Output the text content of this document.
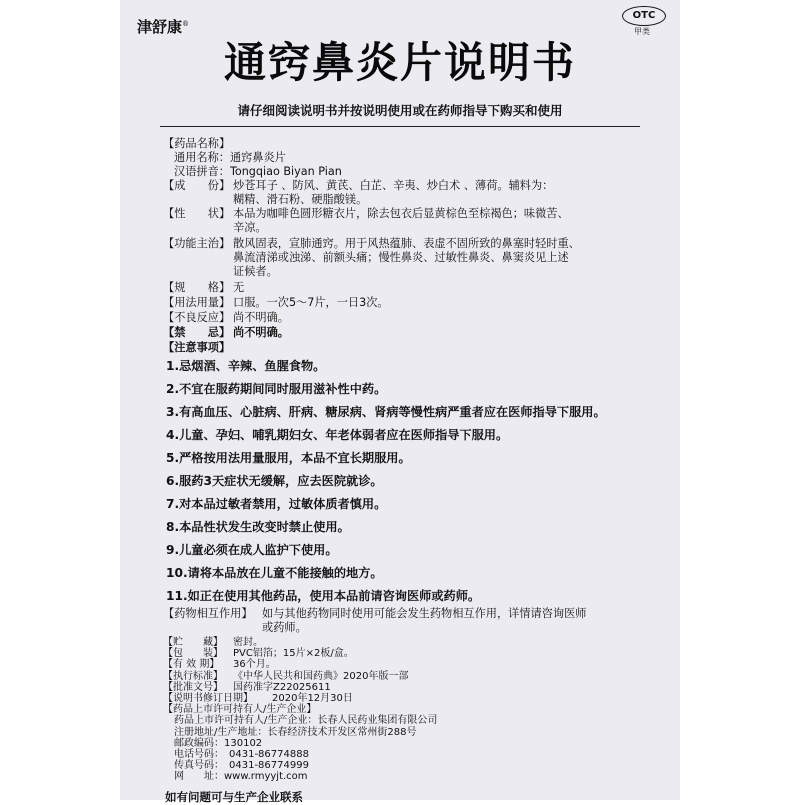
津舒康®
OTC
甲类
通窍鼻炎片说明书
请仔细阅读说明书并按说明使用或在药师指导下购买和使用
【药品名称】
通用名称：通窍鼻炎片
汉语拼音：Tongqiao Biyan Pian
【成　　份】 炒苍耳子 、防风、黄芪、白芷、辛夷、炒白术 、薄荷。辅料为：
糊精、滑石粉、硬脂酸镁。
【性　　状】 本品为咖啡色圆形糖衣片，除去包衣后显黄棕色至棕褐色；味微苦、
辛凉。
【功能主治】 散风固表，宣肺通窍。用于风热蕴肺、表虚不固所致的鼻塞时轻时重、
鼻流清涕或浊涕、前额头痛；慢性鼻炎、过敏性鼻炎、鼻窦炎见上述
证候者。
【规　　格】 无
【用法用量】 口服。一次5～7片，一日3次。
【不良反应】 尚不明确。
【禁　　忌】 尚不明确。
【注意事项】
1.忌烟酒、辛辣、鱼腥食物。
2.不宜在服药期间同时服用滋补性中药。
3.有高血压、心脏病、肝病、糖尿病、肾病等慢性病严重者应在医师指导下服用。
4.儿童、孕妇、哺乳期妇女、年老体弱者应在医师指导下服用。
5.严格按用法用量服用，本品不宜长期服用。
6.服药3天症状无缓解，应去医院就诊。
7.对本品过敏者禁用，过敏体质者慎用。
8.本品性状发生改变时禁止使用。
9.儿童必须在成人监护下使用。
10.请将本品放在儿童不能接触的地方。
11.如正在使用其他药品，使用本品前请咨询医师或药师。
【药物相互作用】 如与其他药物同时使用可能会发生药物相互作用，详情请咨询医师
或药师。
【贮　　藏】 密封。
【包　　装】 PVC铝箔；15片×2板/盒。
【有 效 期】 36个月。
【执行标准】 《中华人民共和国药典》2020年版一部
【批准文号】 国药准字Z22025611
【说明书修订日期】 2020年12月30日
如有问题可与生产企业联系
【药品上市许可持有人/生产企业】
药品上市许可持有人/生产企业：长春人民药业集团有限公司
注册地址/生产地址：长春经济技术开发区常州街288号
邮政编码：130102
电话号码：　0431-86774888
传真号码：　0431-86774999
网　　址：www.rmyyjt.com
